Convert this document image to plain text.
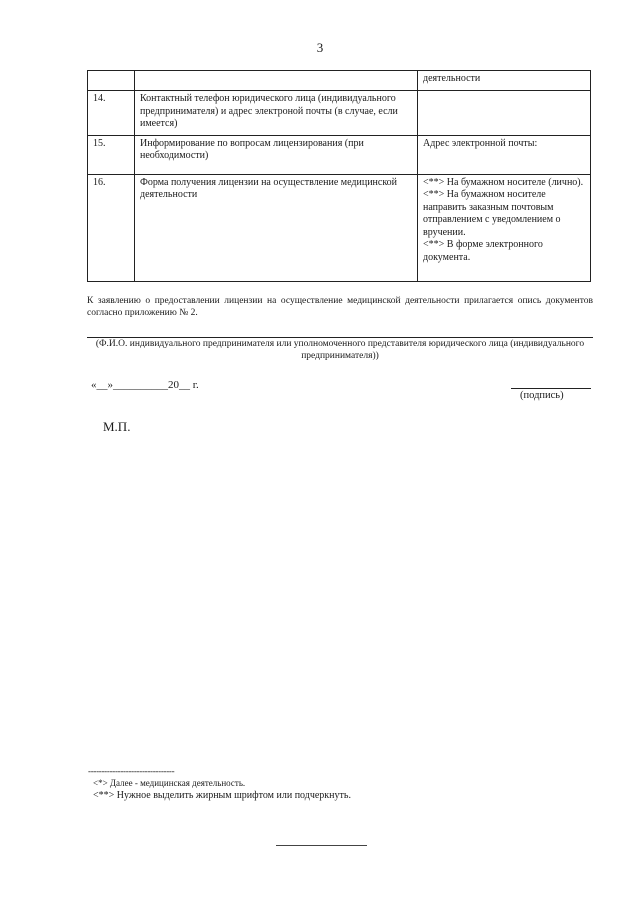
3
		деятельности
14.	Контактный телефон юридического лица (индивидуального предпринимателя) и адрес электроной почты (в случае, если имеется)	
15.	Информирование по вопросам лицензирования (при необходимости)	Адрес электронной почты:
16.	Форма получения лицензии на осуществление медицинской деятельности	<**> На бумажном носителе (лично).
<**> На бумажном носителе направить заказным почтовым отправлением с уведомлением о вручении.
<**> В форме электронного документа.
К заявлению о предоставлении лицензии на осуществление медицинской деятельности прилагается опись документов согласно приложению № 2.
(Ф.И.О. индивидуального предпринимателя или уполномоченного представителя юридического лица (индивидуального предпринимателя))
«__»__________20__ г.
(подпись)
М.П.
--------------------------------
<*> Далее - медицинская деятельность.
<**> Нужное выделить жирным шрифтом или подчеркнуть.
